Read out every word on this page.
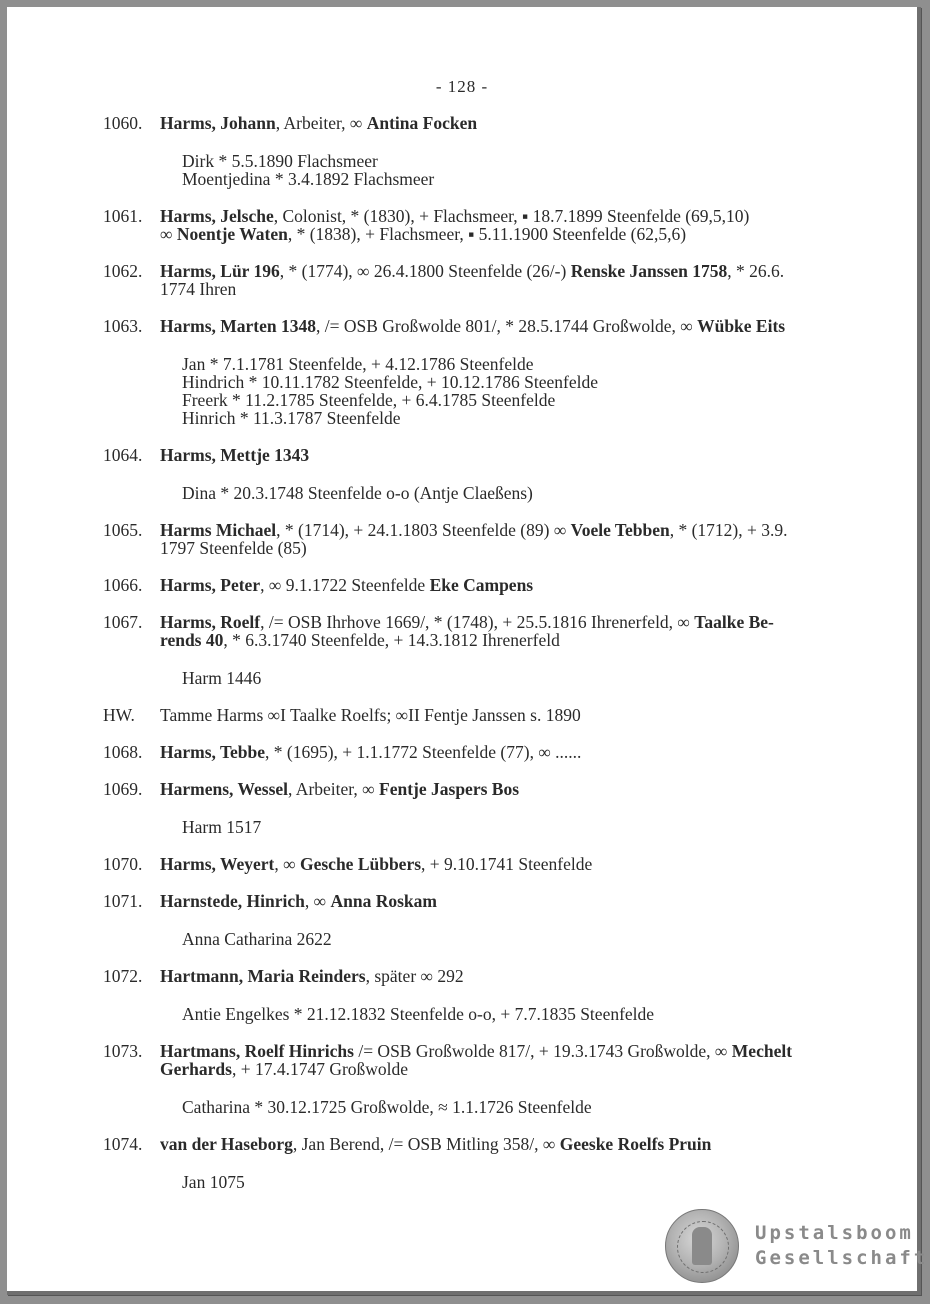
- 128 -
1060.	Harms, Johann, Arbeiter, ∞ Antina Focken
Dirk * 5.5.1890 Flachsmeer
Moentjedina * 3.4.1892 Flachsmeer
1061.	Harms, Jelsche, Colonist, * (1830), + Flachsmeer, ▪ 18.7.1899 Steenfelde (69,5,10)
∞ Noentje Waten, * (1838), + Flachsmeer, ▪ 5.11.1900 Steenfelde (62,5,6)
1062.	Harms, Lür 196, * (1774), ∞ 26.4.1800 Steenfelde (26/-) Renske Janssen 1758, * 26.6.
1774 Ihren
1063.	Harms, Marten 1348, /= OSB Großwolde 801/, * 28.5.1744 Großwolde, ∞ Wübke Eits
Jan * 7.1.1781 Steenfelde, + 4.12.1786 Steenfelde
Hindrich * 10.11.1782 Steenfelde, + 10.12.1786 Steenfelde
Freerk * 11.2.1785 Steenfelde, + 6.4.1785 Steenfelde
Hinrich * 11.3.1787 Steenfelde
1064.	Harms, Mettje 1343
Dina * 20.3.1748 Steenfelde o-o (Antje Claeßens)
1065.	Harms Michael, * (1714), + 24.1.1803 Steenfelde (89) ∞ Voele Tebben, * (1712), + 3.9.
1797 Steenfelde (85)
1066.	Harms, Peter, ∞ 9.1.1722 Steenfelde Eke Campens
1067.	Harms, Roelf, /= OSB Ihrhove 1669/, * (1748), + 25.5.1816 Ihrenerfeld, ∞ Taalke Be-
rends 40, * 6.3.1740 Steenfelde, + 14.3.1812 Ihrenerfeld
Harm 1446
HW.	Tamme Harms ∞I Taalke Roelfs; ∞II Fentje Janssen s. 1890
1068.	Harms, Tebbe, * (1695), + 1.1.1772 Steenfelde (77), ∞ ......
1069.	Harmens, Wessel, Arbeiter, ∞ Fentje Jaspers Bos
Harm 1517
1070.	Harms, Weyert, ∞ Gesche Lübbers, + 9.10.1741 Steenfelde
1071.	Harnstede, Hinrich, ∞ Anna Roskam
Anna Catharina 2622
1072.	Hartmann, Maria Reinders, später ∞ 292
Antie Engelkes * 21.12.1832 Steenfelde o-o, + 7.7.1835 Steenfelde
1073.	Hartmans, Roelf Hinrichs /= OSB Großwolde 817/, + 19.3.1743 Großwolde, ∞ Mechelt
Gerhards, + 17.4.1747 Großwolde
Catharina * 30.12.1725 Großwolde, ≈ 1.1.1726 Steenfelde
1074.	van der Haseborg, Jan Berend, /= OSB Mitling 358/, ∞ Geeske Roelfs Pruin
Jan 1075
Upstalsboom
Gesellschaft
